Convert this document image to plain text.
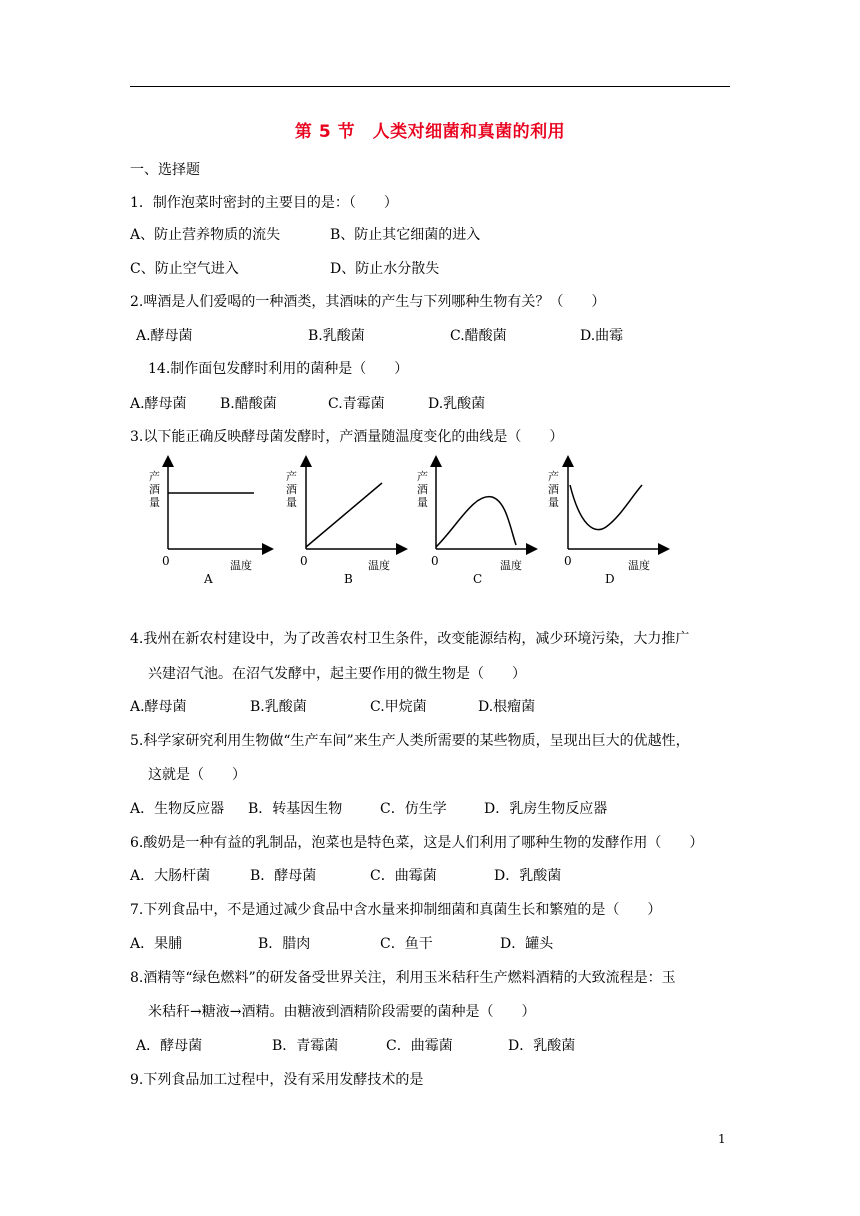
第 5 节　人类对细菌和真菌的利用
一、选择题
1．制作泡菜时密封的主要目的是：（　　）
A、防止营养物质的流失	B、防止其它细菌的进入
C、防止空气进入	D、防止水分散失
2.啤酒是人们爱喝的一种酒类，其酒味的产生与下列哪种生物有关？（　　）
A.酵母菌	B.乳酸菌	C.醋酸菌	D.曲霉
14.制作面包发酵时利用的菌种是（　　）
A.酵母菌 B.醋酸菌	C.青霉菌	D.乳酸菌
3.以下能正确反映酵母菌发酵时，产酒量随温度变化的曲线是（　　）
产
酒
量
0	温度
A
产
酒
量
0	温度
B
产
酒
量
0	温度
C
产
酒
量
0	温度
D
4.我州在新农村建设中，为了改善农村卫生条件，改变能源结构，减少环境污染，大力推广
兴建沼气池。在沼气发酵中，起主要作用的微生物是（　　）
A.酵母菌	B.乳酸菌	C.甲烷菌	D.根瘤菌
5.科学家研究利用生物做“生产车间”来生产人类所需要的某些物质，呈现出巨大的优越性，
这就是（　　）
A．生物反应器 B．转基因生物	C．仿生学	D．乳房生物反应器
6.酸奶是一种有益的乳制品，泡菜也是特色菜，这是人们利用了哪种生物的发酵作用（　　）
A．大肠杆菌	B．酵母菌	C．曲霉菌	D．乳酸菌
7.下列食品中，不是通过减少食品中含水量来抑制细菌和真菌生长和繁殖的是（　　）
A．果脯	B．腊肉	C．鱼干	D．罐头
8.酒精等“绿色燃料”的研发备受世界关注，利用玉米秸秆生产燃料酒精的大致流程是：玉
米秸秆→糖液→酒精。由糖液到酒精阶段需要的菌种是（　　）
A．酵母菌	B．青霉菌	C．曲霉菌	D．乳酸菌
9.下列食品加工过程中，没有采用发酵技术的是
1
